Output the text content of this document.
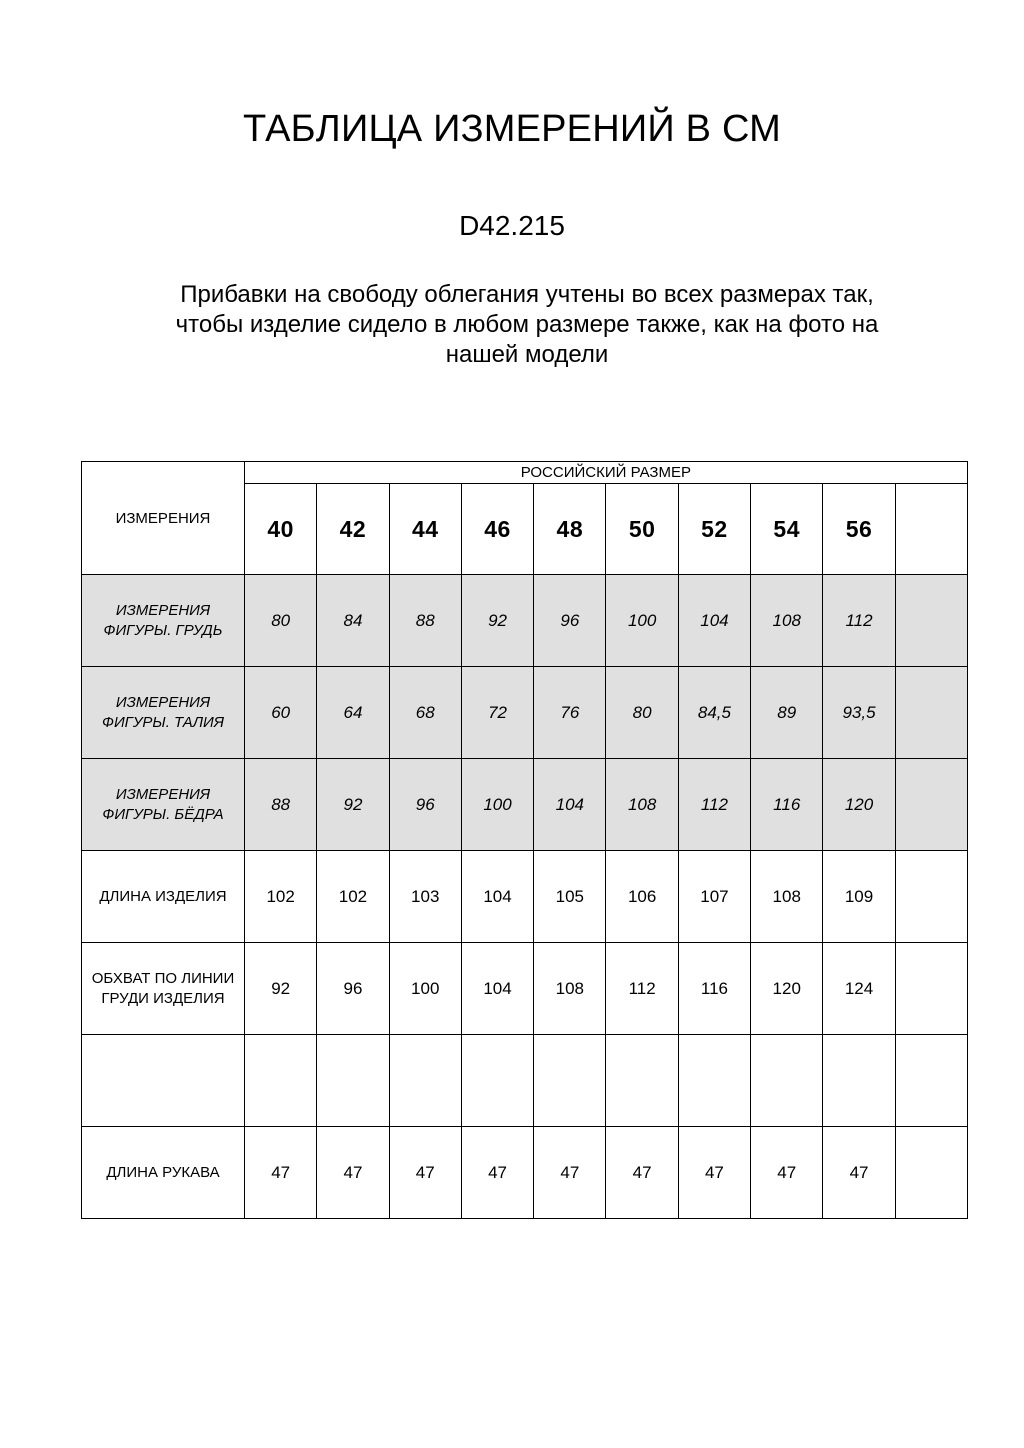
ТАБЛИЦА ИЗМЕРЕНИЙ В СМ
D42.215
Прибавки на свободу облегания учтены во всех размерах так,
чтобы изделие сидело в любом размере также, как на фото на
нашей модели
ИЗМЕРЕНИЯ	РОССИЙСКИЙ РАЗМЕР									
	40	42	44	46	48	50	52	54	56	
ИЗМЕРЕНИЯ ФИГУРЫ. ГРУДЬ	80	84	88	92	96	100	104	108	112	
ИЗМЕРЕНИЯ ФИГУРЫ. ТАЛИЯ	60	64	68	72	76	80	84,5	89	93,5	
ИЗМЕРЕНИЯ ФИГУРЫ. БЁДРА	88	92	96	100	104	108	112	116	120	
ДЛИНА ИЗДЕЛИЯ	102	102	103	104	105	106	107	108	109	
ОБХВАТ ПО ЛИНИИ ГРУДИ ИЗДЕЛИЯ	92	96	100	104	108	112	116	120	124	

ДЛИНА РУКАВА	47	47	47	47	47	47	47	47	47	
